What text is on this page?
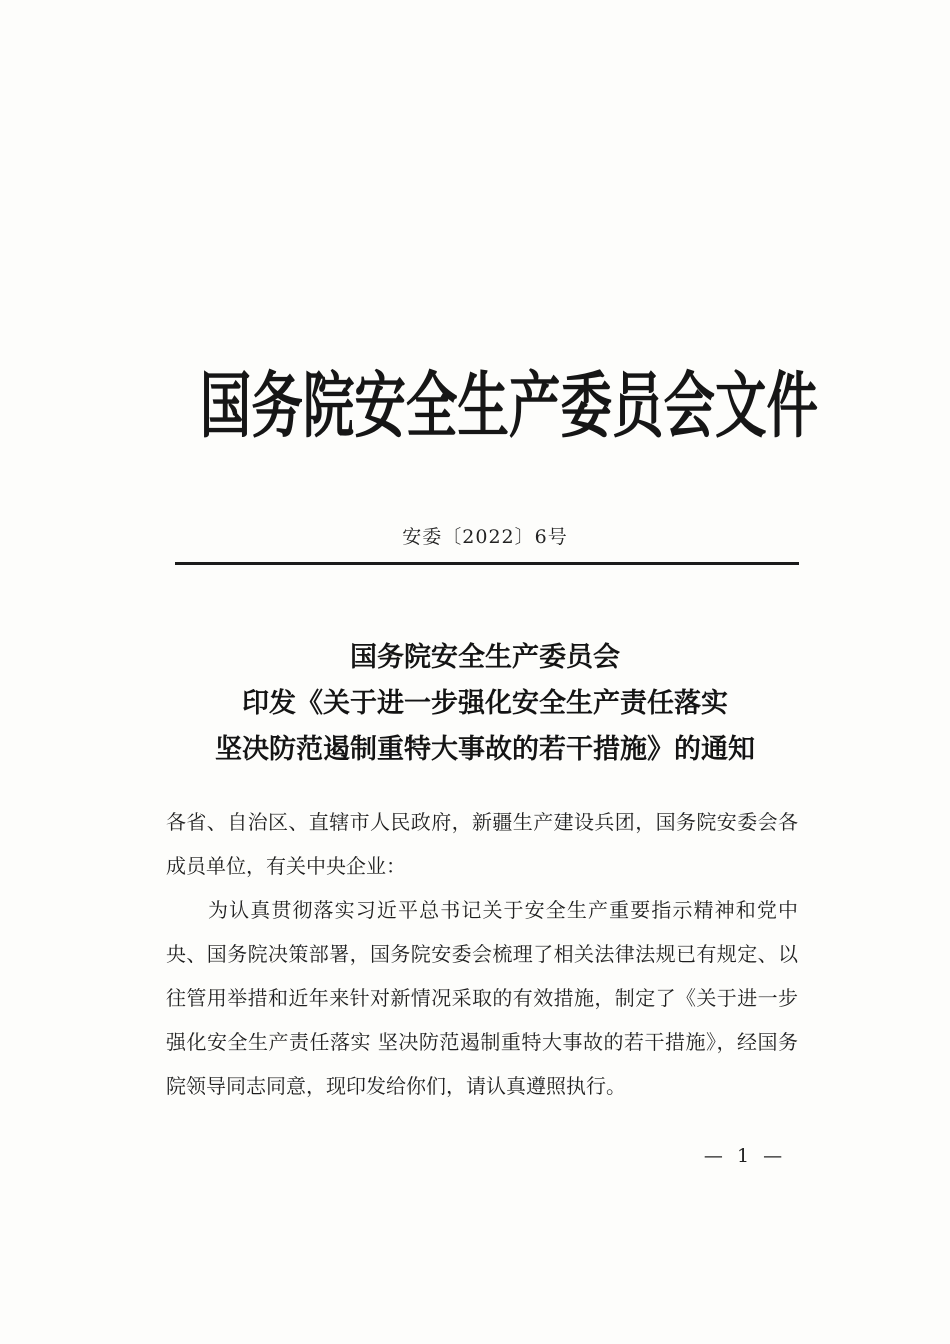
国务院安全生产委员会文件
安委〔2022〕6号
国务院安全生产委员会
印发《关于进一步强化安全生产责任落实
坚决防范遏制重特大事故的若干措施》的通知

各省、自治区、直辖市人民政府，新疆生产建设兵团，国务院安委会各成员单位，有关中央企业：

为认真贯彻落实习近平总书记关于安全生产重要指示精神和党中央、国务院决策部署，国务院安委会梳理了相关法律法规已有规定、以往管用举措和近年来针对新情况采取的有效措施，制定了《关于进一步强化安全生产责任落实 坚决防范遏制重特大事故的若干措施》，经国务院领导同志同意，现印发给你们，请认真遵照执行。

— 1 —
